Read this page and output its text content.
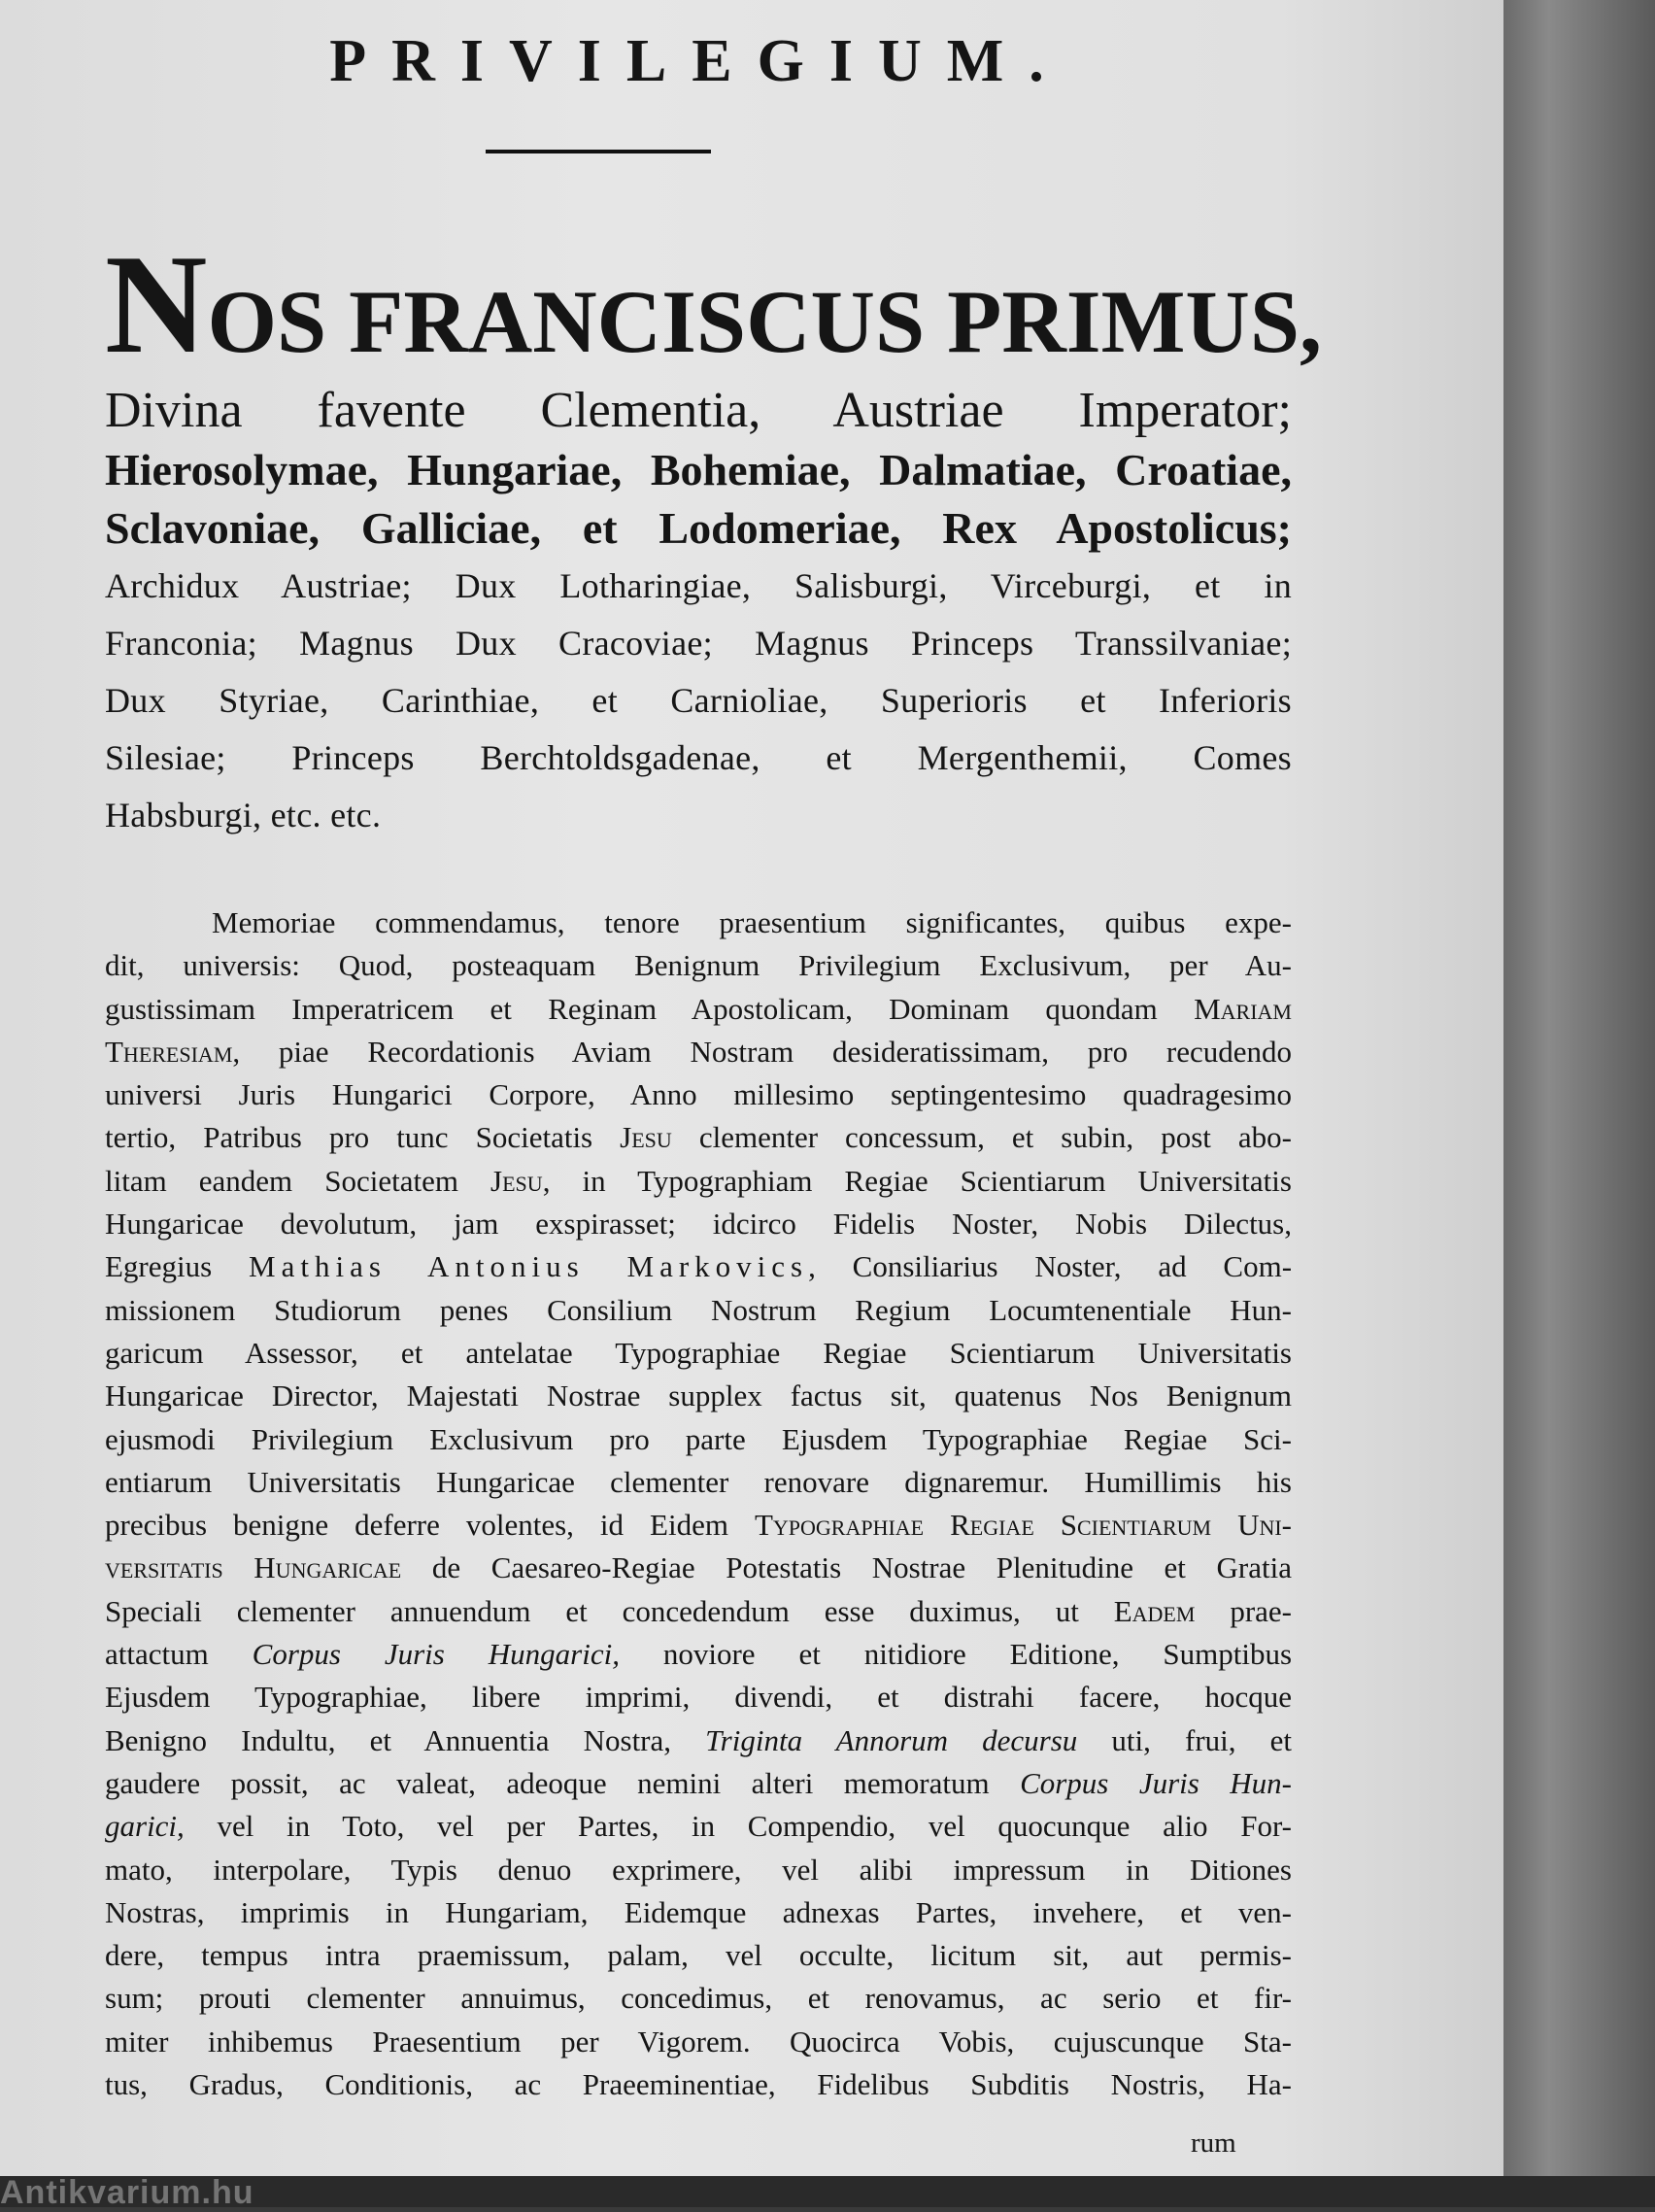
PRIVILEGIUM.
NOS FRANCISCUS PRIMUS,
Divina favente Clementia, Austriae Imperator;
Hierosolymae, Hungariae, Bohemiae, Dalmatiae, Croatiae,
Sclavoniae, Galliciae, et Lodomeriae, Rex Apostolicus;
Archidux Austriae; Dux Lotharingiae, Salisburgi, Virceburgi, et in
Franconia; Magnus Dux Cracoviae; Magnus Princeps Transsilvaniae;
Dux Styriae, Carinthiae, et Carnioliae, Superioris et Inferioris
Silesiae; Princeps Berchtoldsgadenae, et Mergenthemii, Comes
Habsburgi, etc. etc.
Memoriae commendamus, tenore praesentium significantes, quibus expe-
dit, universis: Quod, posteaquam Benignum Privilegium Exclusivum, per Au-
gustissimam Imperatricem et Reginam Apostolicam, Dominam quondam Mariam
Theresiam, piae Recordationis Aviam Nostram desideratissimam, pro recudendo
universi Juris Hungarici Corpore, Anno millesimo septingentesimo quadragesimo
tertio, Patribus pro tunc Societatis Jesu clementer concessum, et subin, post abo-
litam eandem Societatem Jesu, in Typographiam Regiae Scientiarum Universitatis
Hungaricae devolutum, jam exspirasset; idcirco Fidelis Noster, Nobis Dilectus,
Egregius Mathias Antonius Markovics, Consiliarius Noster, ad Com-
missionem Studiorum penes Consilium Nostrum Regium Locumtenentiale Hun-
garicum Assessor, et antelatae Typographiae Regiae Scientiarum Universitatis
Hungaricae Director, Majestati Nostrae supplex factus sit, quatenus Nos Benignum
ejusmodi Privilegium Exclusivum pro parte Ejusdem Typographiae Regiae Sci-
entiarum Universitatis Hungaricae clementer renovare dignaremur. Humillimis his
precibus benigne deferre volentes, id Eidem Typographiae Regiae Scientiarum Uni-
versitatis Hungaricae de Caesareo-Regiae Potestatis Nostrae Plenitudine et Gratia
Speciali clementer annuendum et concedendum esse duximus, ut Eadem prae-
attactum Corpus Juris Hungarici, noviore et nitidiore Editione, Sumptibus
Ejusdem Typographiae, libere imprimi, divendi, et distrahi facere, hocque
Benigno Indultu, et Annuentia Nostra, Triginta Annorum decursu uti, frui, et
gaudere possit, ac valeat, adeoque nemini alteri memoratum Corpus Juris Hun-
garici, vel in Toto, vel per Partes, in Compendio, vel quocunque alio For-
mato, interpolare, Typis denuo exprimere, vel alibi impressum in Ditiones
Nostras, imprimis in Hungariam, Eidemque adnexas Partes, invehere, et ven-
dere, tempus intra praemissum, palam, vel occulte, licitum sit, aut permis-
sum; prouti clementer annuimus, concedimus, et renovamus, ac serio et fir-
miter inhibemus Praesentium per Vigorem. Quocirca Vobis, cujuscunque Sta-
tus, Gradus, Conditionis, ac Praeeminentiae, Fidelibus Subditis Nostris, Ha-
rum
Antikvarium.hu
